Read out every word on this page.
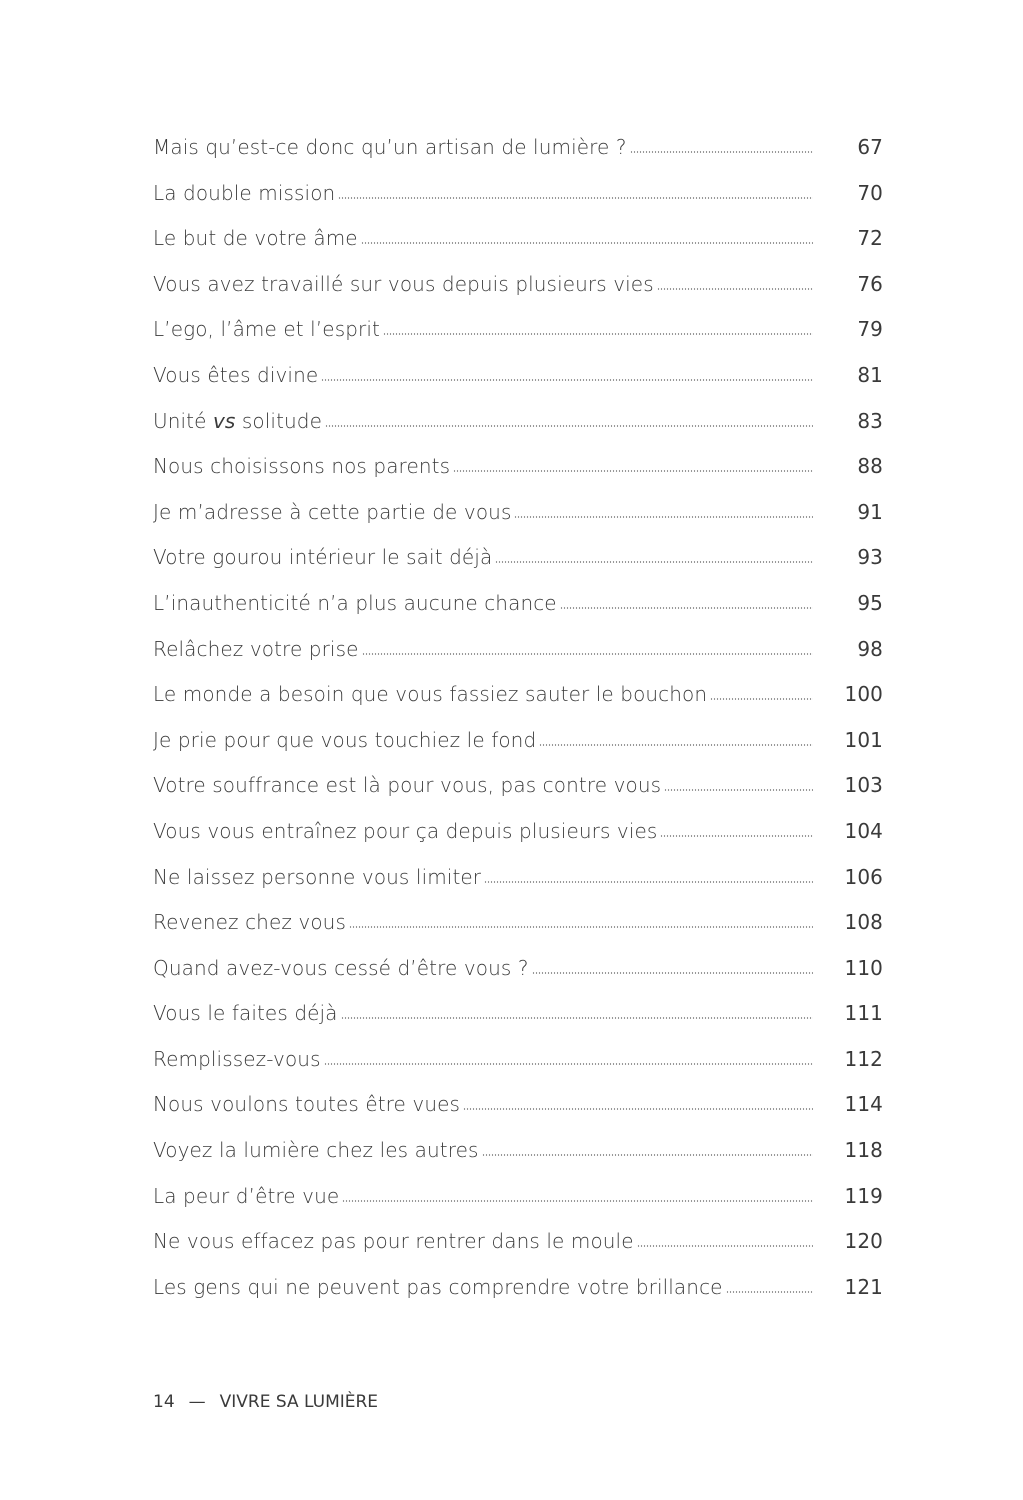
Mais qu’est-ce donc qu’un artisan de lumière ?	67
La double mission	70
Le but de votre âme	72
Vous avez travaillé sur vous depuis plusieurs vies	76
L’ego, l’âme et l’esprit	79
Vous êtes divine	81
Unité vs solitude	83
Nous choisissons nos parents	88
Je m’adresse à cette partie de vous	91
Votre gourou intérieur le sait déjà	93
L’inauthenticité n’a plus aucune chance	95
Relâchez votre prise	98
Le monde a besoin que vous fassiez sauter le bouchon	100
Je prie pour que vous touchiez le fond	101
Votre souffrance est là pour vous, pas contre vous	103
Vous vous entraînez pour ça depuis plusieurs vies	104
Ne laissez personne vous limiter	106
Revenez chez vous	108
Quand avez-vous cessé d’être vous ?	110
Vous le faites déjà	111
Remplissez-vous	112
Nous voulons toutes être vues	114
Voyez la lumière chez les autres	118
La peur d’être vue	119
Ne vous effacez pas pour rentrer dans le moule	120
Les gens qui ne peuvent pas comprendre votre brillance	121
14 — VIVRE SA LUMIÈRE
